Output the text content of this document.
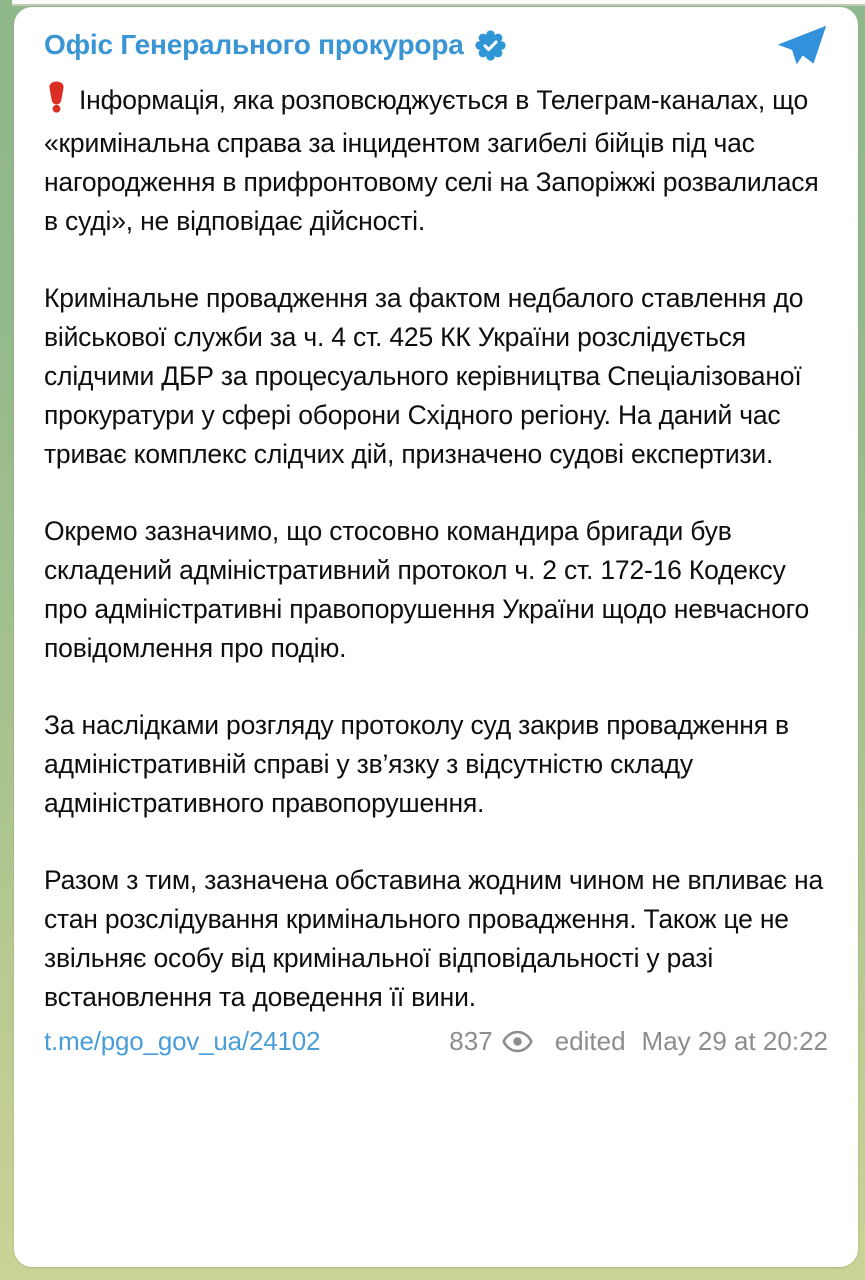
Офіс Генерального прокурора

Інформація, яка розповсюджується в Телеграм-каналах, що «кримінальна справа за інцидентом загибелі бійців під час нагородження в прифронтовому селі на Запоріжжі розвалилася в суді», не відповідає дійсності.

Кримінальне провадження за фактом недбалого ставлення до військової служби за ч. 4 ст. 425 КК України розслідується слідчими ДБР за процесуального керівництва Спеціалізованої прокуратури у сфері оборони Східного регіону. На даний час триває комплекс слідчих дій, призначено судові експертизи.

Окремо зазначимо, що стосовно командира бригади був складений адміністративний протокол ч. 2 ст. 172-16 Кодексу про адміністративні правопорушення України щодо невчасного повідомлення про подію.

За наслідками розгляду протоколу суд закрив провадження в адміністративній справі у зв’язку з відсутністю складу адміністративного правопорушення.

Разом з тим, зазначена обставина жодним чином не впливає на стан розслідування кримінального провадження. Також це не звільняє особу від кримінальної відповідальності у разі встановлення та доведення її вини.

t.me/pgo_gov_ua/24102	837 edited May 29 at 20:22
